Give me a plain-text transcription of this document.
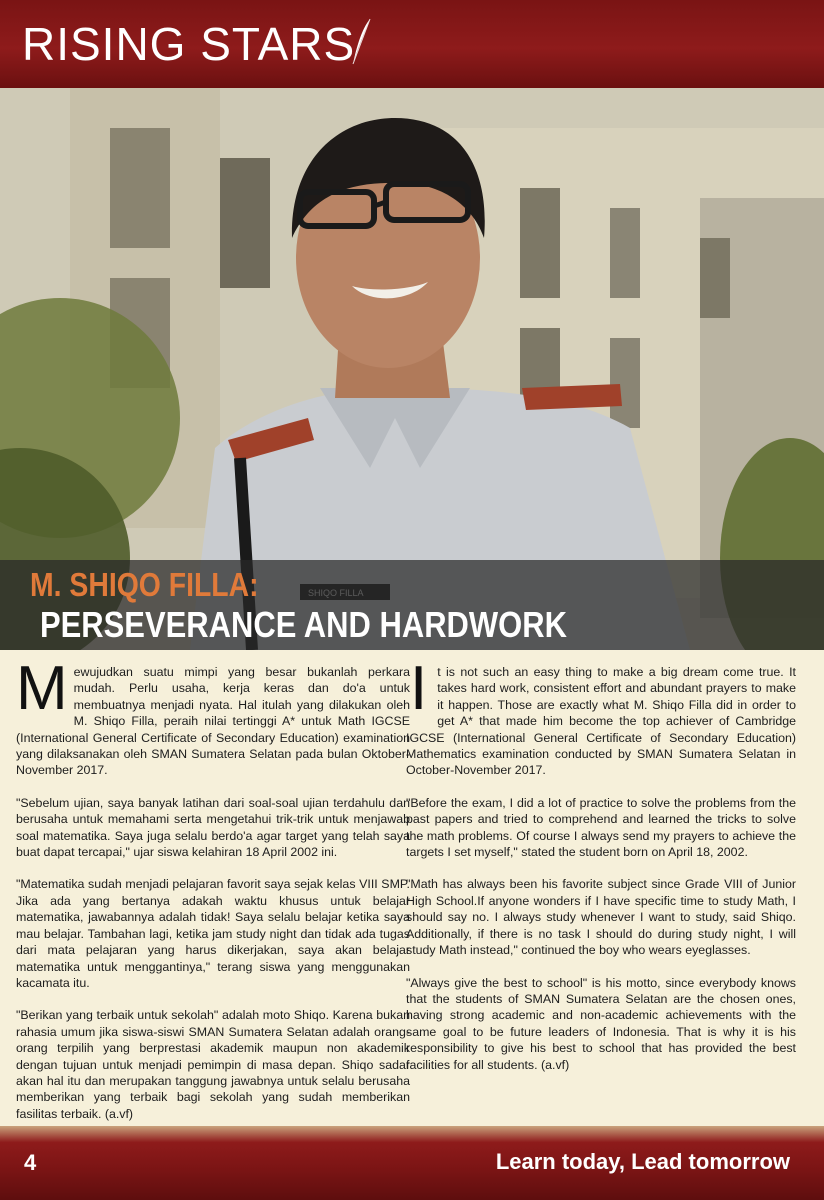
RISING STARS
M. SHIQO FILLA:
PERSEVERANCE AND HARDWORK

Mewujudkan suatu mimpi yang besar bukanlah perkara mudah. Perlu usaha, kerja keras dan do'a untuk membuatnya menjadi nyata. Hal itulah yang dilakukan oleh M. Shiqo Filla, peraih nilai tertinggi A* untuk Math IGCSE (International General Certificate of Secondary Education) examination yang dilaksanakan oleh SMAN Sumatera Selatan pada bulan Oktober-November 2017.

"Sebelum ujian, saya banyak latihan dari soal-soal ujian terdahulu dan berusaha untuk memahami serta mengetahui trik-trik untuk menjawab soal matematika. Saya juga selalu berdo'a agar target yang telah saya buat dapat tercapai," ujar siswa kelahiran 18 April 2002 ini.

"Matematika sudah menjadi pelajaran favorit saya sejak kelas VIII SMP. Jika ada yang bertanya adakah waktu khusus untuk belajar matematika, jawabannya adalah tidak! Saya selalu belajar ketika saya mau belajar. Tambahan lagi, ketika jam study night dan tidak ada tugas dari mata pelajaran yang harus dikerjakan, saya akan belajar matematika untuk menggantinya," terang siswa yang menggunakan kacamata itu.

"Berikan yang terbaik untuk sekolah" adalah moto Shiqo. Karena bukan rahasia umum jika siswa-siswi SMAN Sumatera Selatan adalah orang-orang terpilih yang berprestasi akademik maupun non akademik dengan tujuan untuk menjadi pemimpin di masa depan. Shiqo sadar akan hal itu dan merupakan tanggung jawabnya untuk selalu berusaha memberikan yang terbaik bagi sekolah yang sudah memberikan fasilitas terbaik. (a.vf)

It is not such an easy thing to make a big dream come true. It takes hard work, consistent effort and abundant prayers to make it happen. Those are exactly what M. Shiqo Filla did in order to get A* that made him become the top achiever of Cambridge IGCSE (International General Certificate of Secondary Education) Mathematics examination conducted by SMAN Sumatera Selatan in October-November 2017.

"Before the exam, I did a lot of practice to solve the problems from the past papers and tried to comprehend and learned the tricks to solve the math problems. Of course I always send my prayers to achieve the targets I set myself," stated the student born on April 18, 2002.

"Math has always been his favorite subject since Grade VIII of Junior High School.If anyone wonders if I have specific time to study Math, I should say no. I always study whenever I want to study, said Shiqo. Additionally, if there is no task I should do during study night, I will study Math instead," continued the boy who wears eyeglasses.

"Always give the best to school" is his motto, since everybody knows that the students of SMAN Sumatera Selatan are the chosen ones, having strong academic and non-academic achievements with the same goal to be future leaders of Indonesia. That is why it is his responsibility to give his best to school that has provided the best facilities for all students. (a.vf)

4	Learn today, Lead tomorrow
